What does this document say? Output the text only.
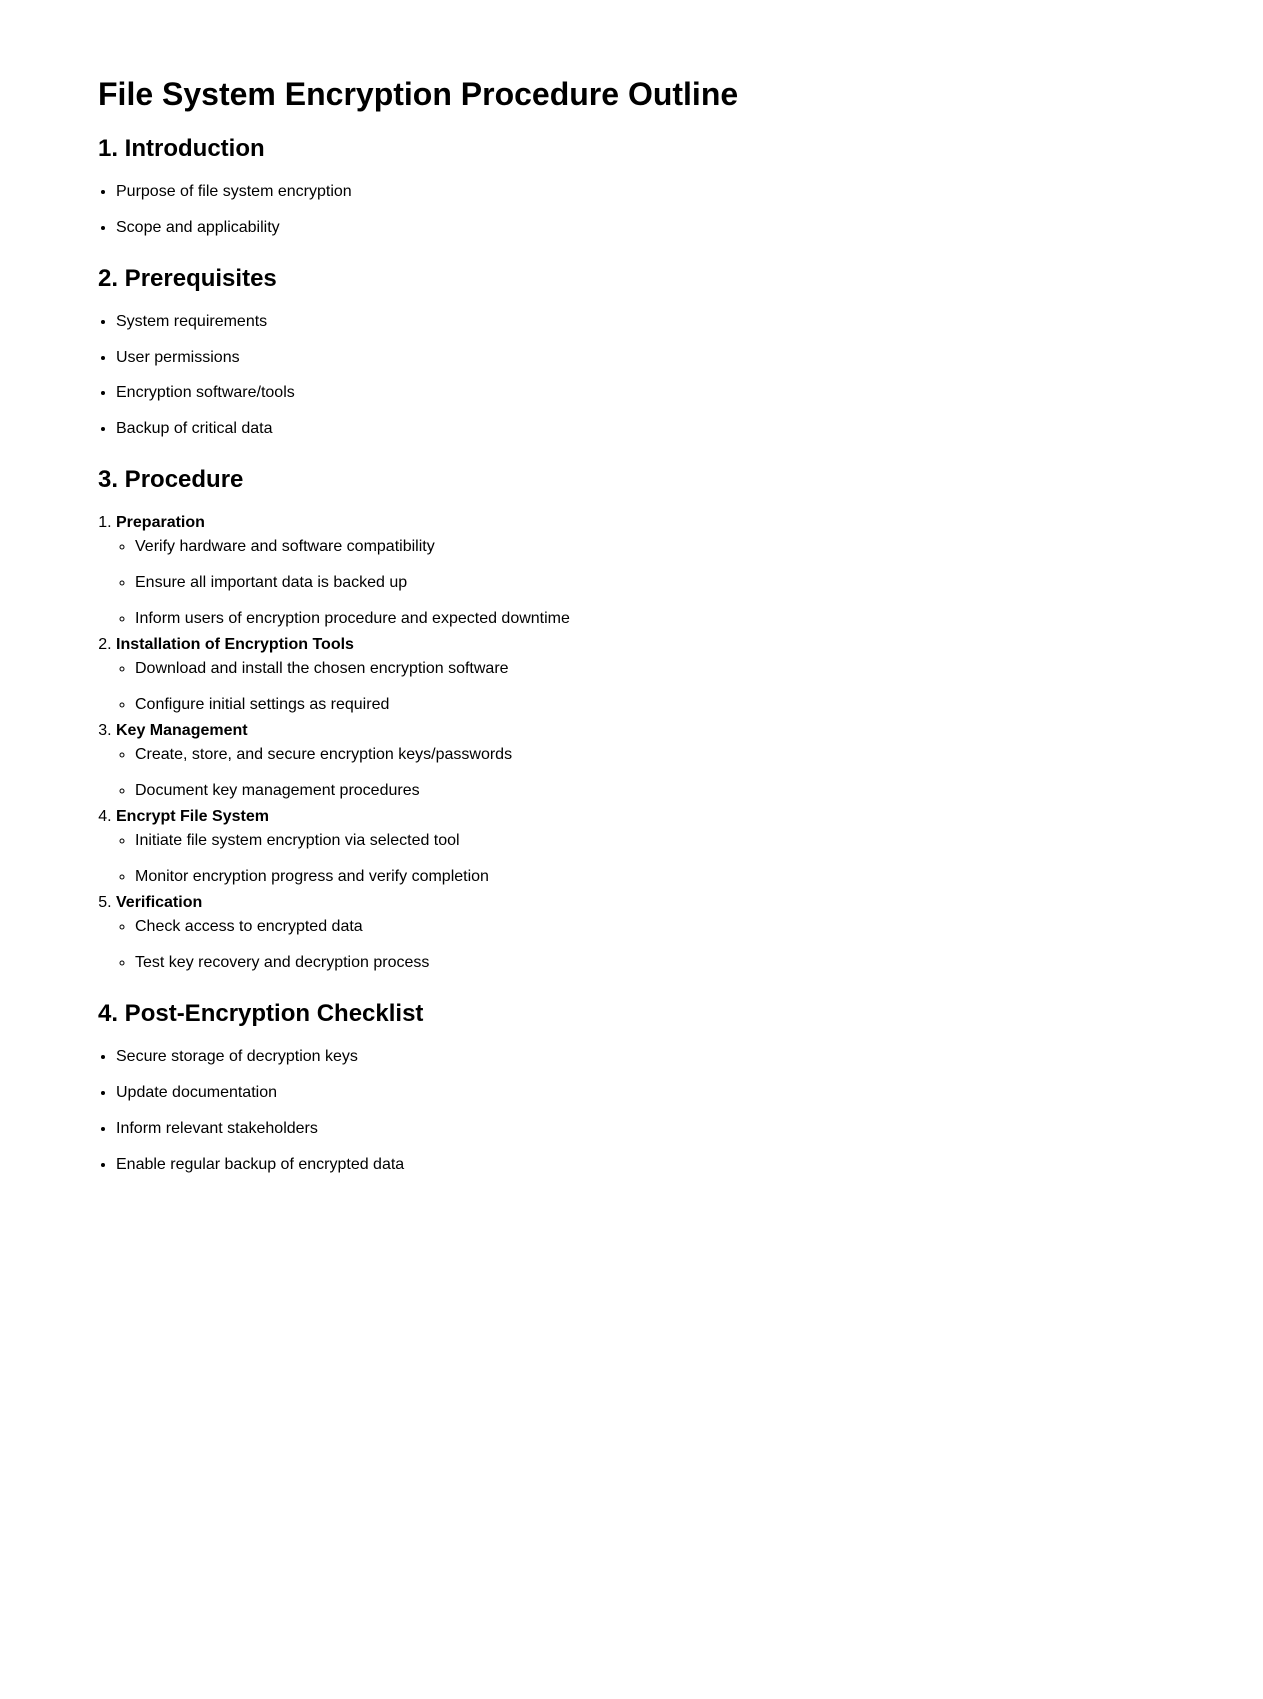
File System Encryption Procedure Outline
1. Introduction
• Purpose of file system encryption
• Scope and applicability
2. Prerequisites
• System requirements
• User permissions
• Encryption software/tools
• Backup of critical data
3. Procedure
1. Preparation
◦ Verify hardware and software compatibility
◦ Ensure all important data is backed up
◦ Inform users of encryption procedure and expected downtime
2. Installation of Encryption Tools
◦ Download and install the chosen encryption software
◦ Configure initial settings as required
3. Key Management
◦ Create, store, and secure encryption keys/passwords
◦ Document key management procedures
4. Encrypt File System
◦ Initiate file system encryption via selected tool
◦ Monitor encryption progress and verify completion
5. Verification
◦ Check access to encrypted data
◦ Test key recovery and decryption process
4. Post-Encryption Checklist
• Secure storage of decryption keys
• Update documentation
• Inform relevant stakeholders
• Enable regular backup of encrypted data
